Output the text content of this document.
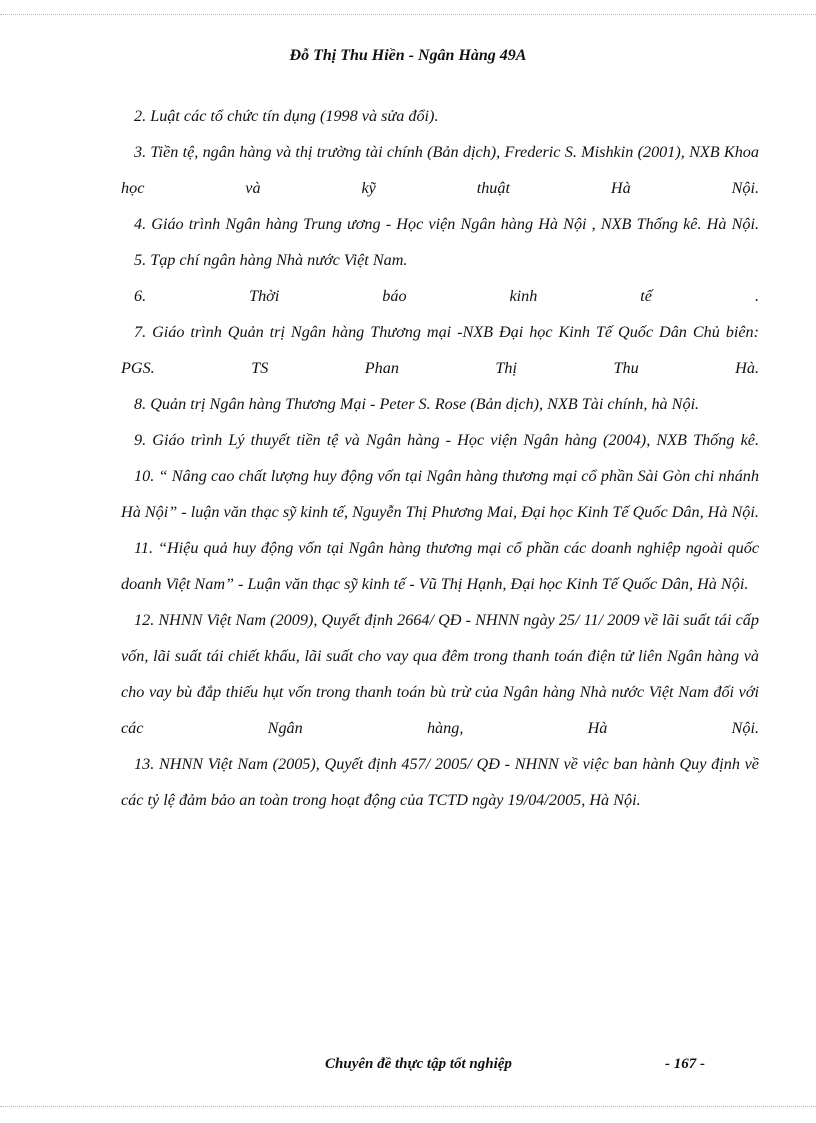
Đỗ Thị Thu Hiền - Ngân Hàng 49A

2. Luật các tổ chức tín dụng (1998 và sửa đổi).

3. Tiền tệ, ngân hàng và thị trường tài chính (Bản dịch), Frederic S. Mishkin (2001), NXB Khoa học và kỹ thuật Hà Nội.

4. Giáo trình Ngân hàng Trung ương - Học viện Ngân hàng Hà Nội , NXB Thống kê. Hà Nội.

5. Tạp chí ngân hàng Nhà nước Việt Nam.

6. Thời báo kinh tế .

7. Giáo trình Quản trị Ngân hàng Thương mại -NXB Đại học Kinh Tế Quốc Dân Chủ biên: PGS. TS Phan Thị Thu Hà.

8. Quản trị Ngân hàng Thương Mại - Peter S. Rose (Bản dịch), NXB Tài chính, hà Nội.

9. Giáo trình Lý thuyết tiền tệ và Ngân hàng - Học viện Ngân hàng (2004), NXB Thống kê.

10. “ Nâng cao chất lượng huy động vốn tại Ngân hàng thương mại cổ phần Sài Gòn chi nhánh Hà Nội” - luận văn thạc sỹ kinh tế, Nguyễn Thị Phương Mai, Đại học Kinh Tế Quốc Dân, Hà Nội.

11. “Hiệu quả huy động vốn tại Ngân hàng thương mại cổ phần các doanh nghiệp ngoài quốc doanh Việt Nam” - Luận văn thạc sỹ kinh tế - Vũ Thị Hạnh, Đại học Kinh Tế Quốc Dân, Hà Nội.

12. NHNN Việt Nam (2009), Quyết định 2664/ QĐ - NHNN ngày 25/ 11/ 2009 về lãi suất tái cấp vốn, lãi suất tái chiết khấu, lãi suất cho vay qua đêm trong thanh toán điện tử liên Ngân hàng và cho vay bù đắp thiếu hụt vốn trong thanh toán bù trừ của Ngân hàng Nhà nước Việt Nam đối với các Ngân hàng, Hà Nội.

13. NHNN Việt Nam (2005), Quyết định 457/ 2005/ QĐ - NHNN về việc ban hành Quy định về các tỷ lệ đảm bảo an toàn trong hoạt động của TCTD ngày 19/04/2005, Hà Nội.

Chuyên đề thực tập tốt nghiệp	- 167 -
